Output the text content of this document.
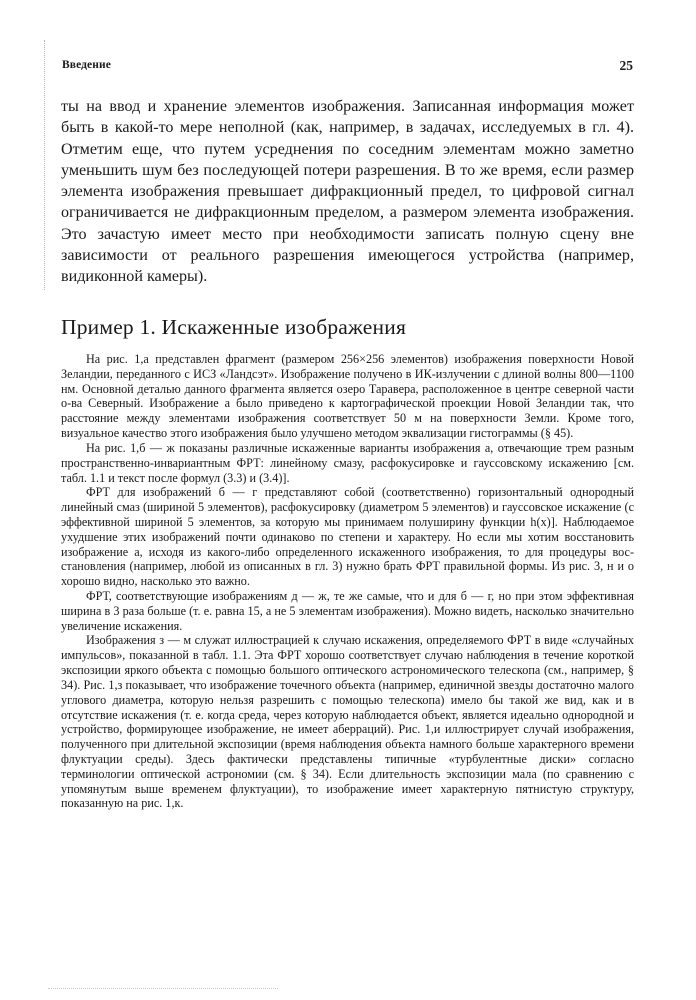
Введение	25

ты на ввод и хранение элементов изображения. Записанная информация может быть в какой-то мере неполной (как, например, в задачах, исследуемых в гл. 4). Отметим еще, что путем усреднения по соседним элементам можно заметно уменьшить шум без последующей потери разрешения. В то же время, если размер элемента изображения превышает дифракционный предел, то цифровой сигнал ограничивается не дифракционным пределом, а размером элемента изображения. Это зачастую имеет место при необходимости записать полную сцену вне зависимости от реального разрешения имеющегося устройства (например, видиконной камеры).

Пример 1. Искаженные изображения

На рис. 1,а представлен фрагмент (размером 256×256 элементов) изображения поверхности Новой Зеландии, переданного с ИСЗ «Ландсэт». Изображение получено в ИК-излучении с длиной волны 800—1100 нм. Основной деталью данного фрагмента является озеро Таравера, расположенное в центре северной части о-ва Северный. Изображение а было приведено к картографической проекции Новой Зеландии так, что расстояние между элементами изображения соответствует 50 м на поверхности Земли. Кроме того, визуальное качество этого изображения было улучшено методом эквализации гистограммы (§ 45).

На рис. 1,б — ж показаны различные искаженные варианты изображения а, отвечающие трем разным пространственно-инвариантным ФРТ: линейному смазу, расфокусировке и гауссовскому искажению [см. табл. 1.1 и текст после формул (3.3) и (3.4)].

ФРТ для изображений б — г представляют собой (соответственно) горизонтальный однородный линейный смаз (шириной 5 элементов), расфокусировку (диаметром 5 элементов) и гауссовское искажение (с эффективной шириной 5 элементов, за которую мы принимаем полуширину функции h(x)]. Наблюдаемое ухудшение этих изображений почти одинаково по степени и характеру. Но если мы хотим восстановить изображение а, исходя из какого-либо определенного искаженного изображения, то для процедуры восстановления (например, любой из описанных в гл. 3) нужно брать ФРТ правильной формы. Из рис. 3, н и о хорошо видно, насколько это важно.

ФРТ, соответствующие изображениям д — ж, те же самые, что и для б — г, но при этом эффективная ширина в 3 раза больше (т. е. равна 15, а не 5 элементам изображения). Можно видеть, насколько значительно увеличение искажения.

Изображения з — м служат иллюстрацией к случаю искажения, определяемого ФРТ в виде «случайных импульсов», показанной в табл. 1.1. Эта ФРТ хорошо соответствует случаю наблюдения в течение короткой экспозиции яркого объекта с помощью большого оптического астрономического телескопа (см., например, § 34). Рис. 1,з показывает, что изображение точечного объекта (например, единичной звезды достаточно малого углового диаметра, которую нельзя разрешить с помощью телескопа) имело бы такой же вид, как и в отсутствие искажения (т. е. когда среда, через которую наблюдается объект, является идеально однородной и устройство, формирующее изображение, не имеет аберраций). Рис. 1,и иллюстрирует случай изображения, полученного при длительной экспозиции (время наблюдения объекта намного больше характерного времени флуктуации среды). Здесь фактически представлены типичные «турбулентные диски» согласно терминологии оптической астрономии (см. § 34). Если длительность экспозиции мала (по сравнению с упомянутым выше временем флуктуации), то изображение имеет характерную пятнистую структуру, показанную на рис. 1,к.
